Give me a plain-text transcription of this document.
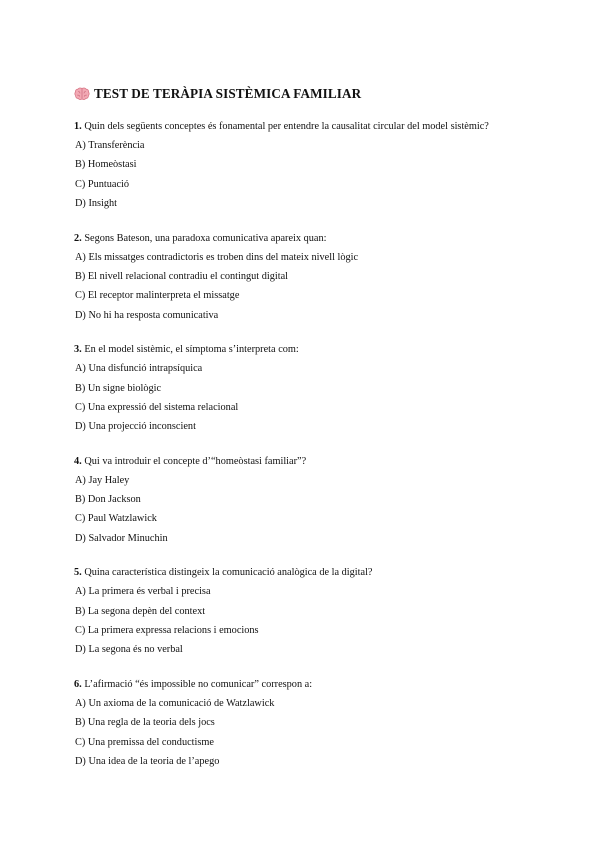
TEST DE TERÀPIA SISTÈMICA FAMILIAR
1. Quin dels següents conceptes és fonamental per entendre la causalitat circular del model sistèmic?
A) Transferència
B) Homeòstasi
C) Puntuació
D) Insight
2. Segons Bateson, una paradoxa comunicativa apareix quan:
A) Els missatges contradictoris es troben dins del mateix nivell lògic
B) El nivell relacional contradiu el contingut digital
C) El receptor malinterpreta el missatge
D) No hi ha resposta comunicativa
3. En el model sistèmic, el símptoma s’interpreta com:
A) Una disfunció intrapsíquica
B) Un signe biològic
C) Una expressió del sistema relacional
D) Una projecció inconscient
4. Qui va introduir el concepte d’“homeòstasi familiar”?
A) Jay Haley
B) Don Jackson
C) Paul Watzlawick
D) Salvador Minuchin
5. Quina característica distingeix la comunicació analògica de la digital?
A) La primera és verbal i precisa
B) La segona depèn del context
C) La primera expressa relacions i emocions
D) La segona és no verbal
6. L’afirmació “és impossible no comunicar” correspon a:
A) Un axioma de la comunicació de Watzlawick
B) Una regla de la teoria dels jocs
C) Una premissa del conductisme
D) Una idea de la teoria de l’apego
